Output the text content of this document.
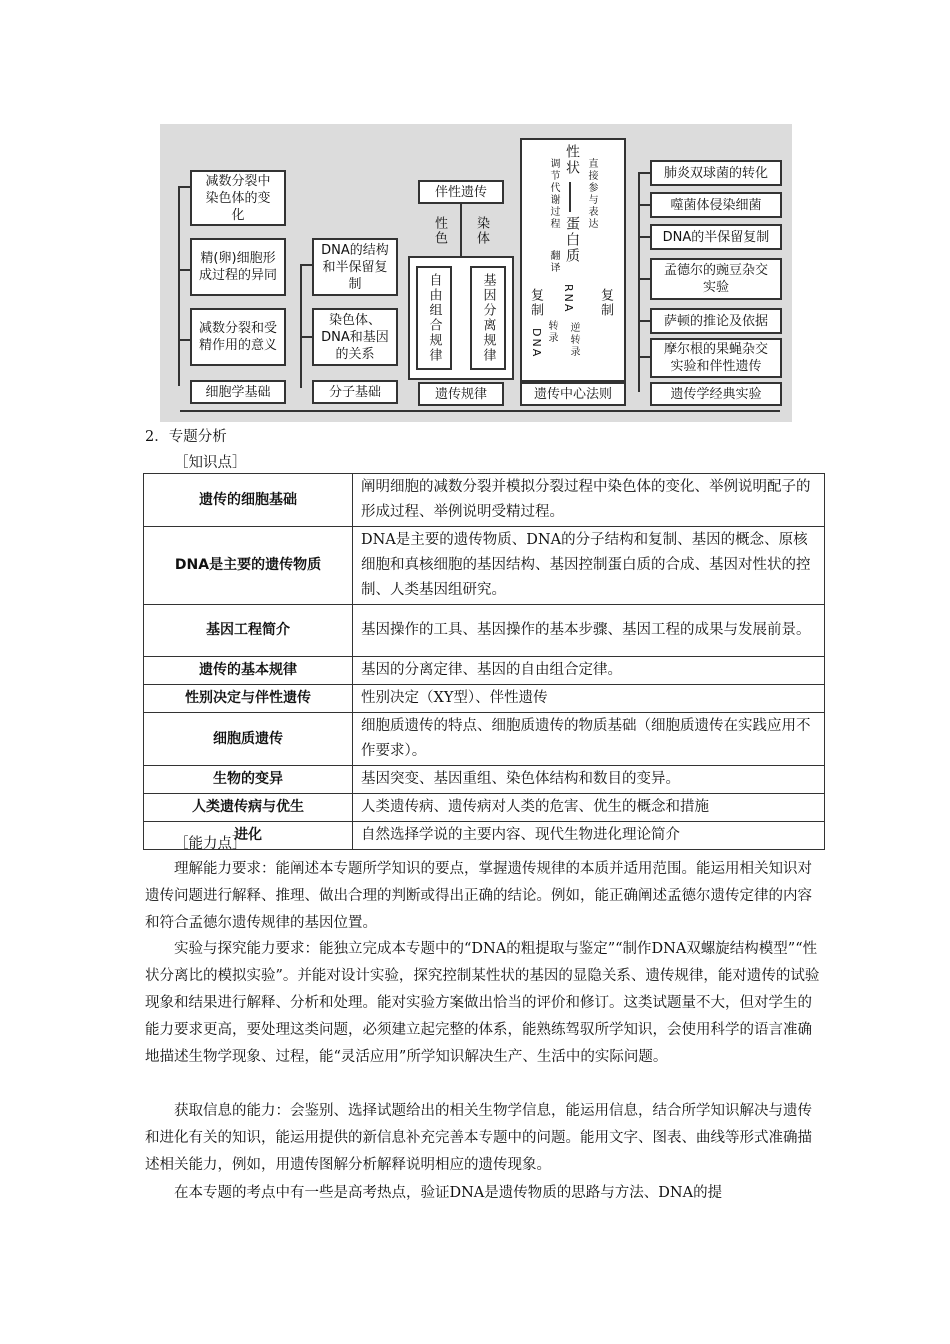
减数分裂中染色体的变化
精(卵)细胞形成过程的异同
减数分裂和受精作用的意义
细胞学基础
DNA的结构和半保留复制
染色体、DNA和基因的关系
分子基础
伴性遗传
性色 染体
自由组合规律	基因分离规律
遗传规律
性状
蛋白质
直接参与表达
调节代谢过程
翻译
RNA
转录 逆转录
DNA
复制	复制
遗传中心法则
肺炎双球菌的转化
噬菌体侵染细菌
DNA的半保留复制
孟德尔的豌豆杂交实验
萨顿的推论及依据
摩尔根的果蝇杂交实验和伴性遗传
遗传学经典实验
2．专题分析
［知识点］
遗传的细胞基础	阐明细胞的减数分裂并模拟分裂过程中染色体的变化、举例说明配子的形成过程、举例说明受精过程。
DNA是主要的遗传物质	DNA是主要的遗传物质、DNA的分子结构和复制、基因的概念、原核细胞和真核细胞的基因结构、基因控制蛋白质的合成、基因对性状的控制、人类基因组研究。
基因工程简介	基因操作的工具、基因操作的基本步骤、基因工程的成果与发展前景。
遗传的基本规律	基因的分离定律、基因的自由组合定律。
性别决定与伴性遗传	性别决定（XY型）、伴性遗传
细胞质遗传	细胞质遗传的特点、细胞质遗传的物质基础（细胞质遗传在实践应用不作要求）。
生物的变异	基因突变、基因重组、染色体结构和数目的变异。
人类遗传病与优生	人类遗传病、遗传病对人类的危害、优生的概念和措施
进化	自然选择学说的主要内容、现代生物进化理论简介
［能力点］
理解能力要求：能阐述本专题所学知识的要点，掌握遗传规律的本质并适用范围。能运用相关知识对遗传问题进行解释、推理、做出合理的判断或得出正确的结论。例如，能正确阐述孟德尔遗传定律的内容和符合孟德尔遗传规律的基因位置。
实验与探究能力要求：能独立完成本专题中的“DNA的粗提取与鉴定”“制作DNA双螺旋结构模型”“性状分离比的模拟实验”。并能对设计实验，探究控制某性状的基因的显隐关系、遗传规律，能对遗传的试验现象和结果进行解释、分析和处理。能对实验方案做出恰当的评价和修订。这类试题量不大，但对学生的能力要求更高，要处理这类问题，必须建立起完整的体系，能熟练驾驭所学知识，会使用科学的语言准确地描述生物学现象、过程，能“灵活应用”所学知识解决生产、生活中的实际问题。
获取信息的能力：会鉴别、选择试题给出的相关生物学信息，能运用信息，结合所学知识解决与遗传和进化有关的知识，能运用提供的新信息补充完善本专题中的问题。能用文字、图表、曲线等形式准确描述相关能力，例如，用遗传图解分析解释说明相应的遗传现象。
在本专题的考点中有一些是高考热点，验证DNA是遗传物质的思路与方法、DNA的提
